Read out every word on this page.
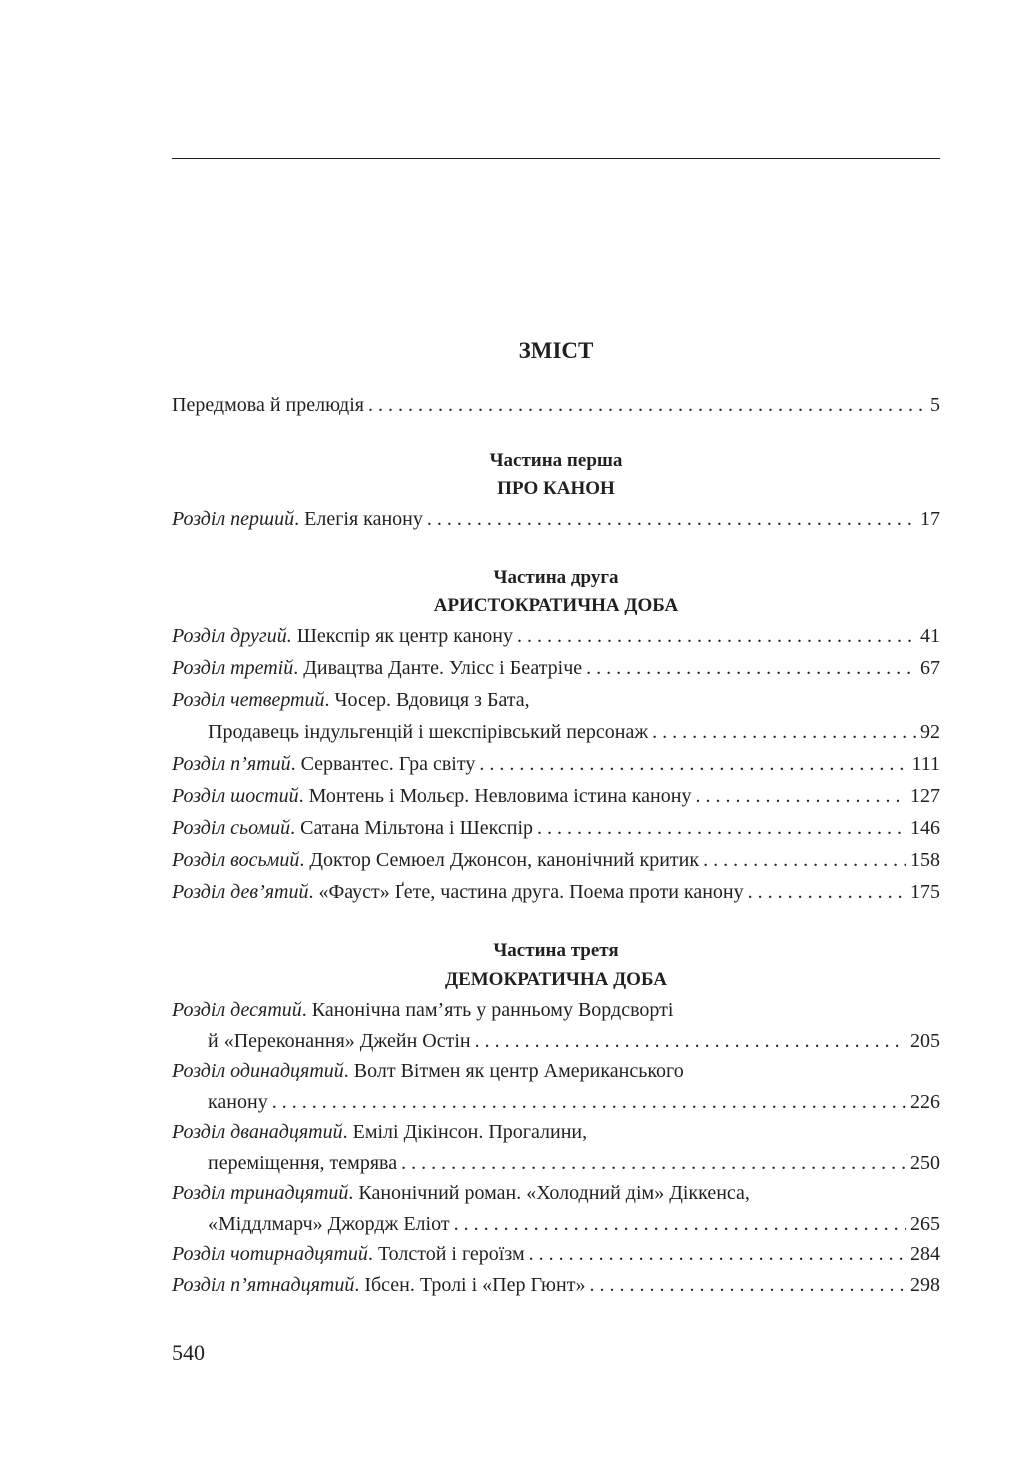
ЗМІСТ
Передмова й прелюдія . . .	5
Частина перша
ПРО КАНОН
Розділ перший. Елегія канону . . .	17
Частина друга
АРИСТОКРАТИЧНА ДОБА
Розділ другий. Шекспір як центр канону . . .	41
Розділ третій. Дивацтва Данте. Улісс і Беатріче . . .	67
Розділ четвертий. Чосер. Вдовиця з Бата,
Продавець індульгенцій і шекспірівський персонаж . . .	92
Розділ п’ятий. Сервантес. Гра світу . . .	111
Розділ шостий. Монтень і Мольєр. Невловима істина канону . . .	127
Розділ сьомий. Сатана Мільтона і Шекспір . . .	146
Розділ восьмий. Доктор Семюел Джонсон, канонічний критик . . .	158
Розділ дев’ятий. «Фауст» Ґете, частина друга. Поема проти канону . . .	175
Частина третя
ДЕМОКРАТИЧНА ДОБА
Розділ десятий. Канонічна пам’ять у ранньому Вордсворті
й «Переконання» Джейн Остін . . .	205
Розділ одинадцятий. Волт Вітмен як центр Американського
канону . . .	226
Розділ дванадцятий. Емілі Дікінсон. Прогалини,
переміщення, темрява . . .	250
Розділ тринадцятий. Канонічний роман. «Холодний дім» Діккенса,
«Міддлмарч» Джордж Еліот . . .	265
Розділ чотирнадцятий. Толстой і героїзм . . .	284
Розділ п’ятнадцятий. Ібсен. Тролі і «Пер Гюнт» . . .	298
540
